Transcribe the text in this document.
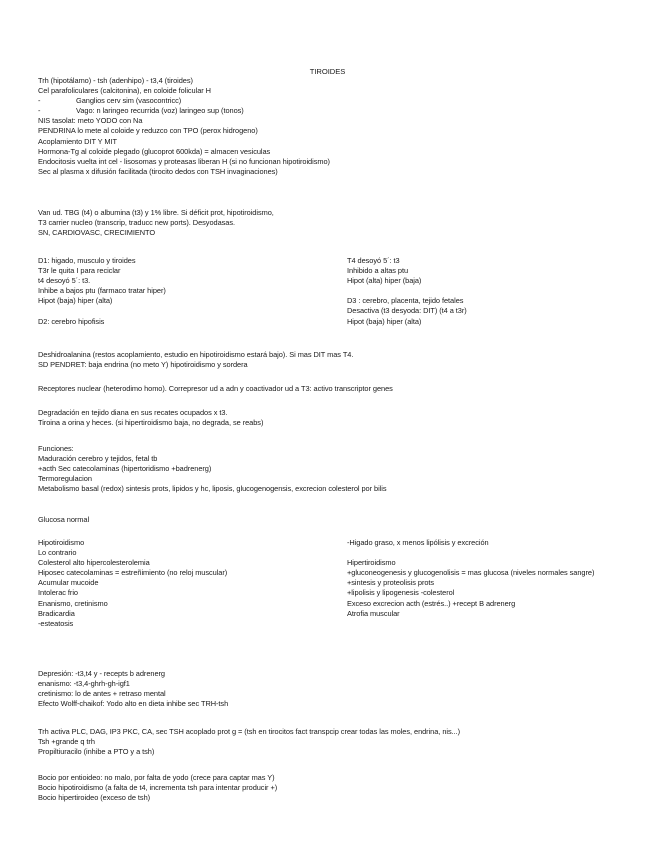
TIROIDES
Trh (hipotálamo) - tsh (adenhipo) - t3,4 (tiroides)
Cel parafoliculares (calcitonina), en coloide folicular H
-	Ganglios cerv sim (vasocontricc)
-	Vago: n laringeo recurrida (voz) laringeo sup (tonos)
NIS tasolat: meto YODO con Na
PENDRINA lo mete al coloide y reduzco con TPO (perox hidrogeno)
Acoplamiento DIT Y MIT
Hormona-Tg al coloide plegado (glucoprot 600kda) = almacen vesiculas
Endocitosis vuelta int cel - lisosomas y proteasas liberan H (si no funcionan hipotiroidismo)
Sec al plasma x difusión facilitada (tirocito dedos con TSH invaginaciones)
Van ud. TBG (t4) o albumina (t3) y 1% libre. Si déficit prot, hipotiroidismo,
T3 carrier nucleo (transcrip, traducc new ports). Desyodasas.
SN, CARDIOVASC, CRECIMIENTO
D1: higado, musculo y tiroides
T3r le quita I para reciclar
t4 desoyó 5´: t3.
Inhibe a bajos ptu (farmaco tratar hiper)
Hipot (baja) hiper (alta)
D2: cerebro hipofisis
T4 desoyó 5´: t3
Inhibido a altas ptu
Hipot (alta) hiper (baja)
D3 : cerebro, placenta, tejido fetales
Desactiva (t3 desyoda: DIT) (t4 a t3r)
Hipot (baja) hiper (alta)
Deshidroalanina (restos acoplamiento, estudio en hipotiroidismo estará bajo). Si mas DIT mas T4.
SD PENDRET: baja endrina (no meto Y) hipotiroidismo y sordera
Receptores nuclear (heterodimo homo). Correpresor ud a adn y coactivador ud a T3: activo transcriptor genes
Degradación en tejido diana en sus recates ocupados x t3.
Tiroina a orina y heces. (si hipertiroidismo baja, no degrada, se reabs)
Funciones:
Maduración cerebro y tejidos, fetal tb
+acth Sec catecolaminas (hipertoridismo +badrenerg)
Termoregulacion
Metabolismo basal (redox) sintesis prots, lipidos y hc, liposis, glucogenogensis, excrecion colesterol por bilis
Glucosa normal
Hipotiroidismo
Lo contrario
Colesterol alto hipercolesterolemia
Hiposec catecolaminas = estreñimiento (no reloj muscular)
Acumular mucoide
Intolerac frio
Enanismo, cretinismo
Bradicardia
-esteatosis
-Higado graso, x menos lipólisis y excreción
Hipertiroidismo
+gluconeogenesis y glucogenolisis = mas glucosa (niveles normales sangre)
+sintesis y proteolisis prots
+lipolisis y lipogenesis -colesterol
Exceso excrecion acth (estrés..) +recept B adrenerg
Atrofia muscular
Depresión: -t3,t4 y - recepts b adrenerg
enanismo: -t3,4-ghrh-gh-igf1
cretinismo: lo de antes + retraso mental
Efecto Wolff-chaikof: Yodo alto en dieta inhibe sec TRH-tsh
Trh activa PLC, DAG, IP3 PKC, CA, sec TSH acoplado prot g = (tsh en tirocitos fact transpcip crear todas las moles, endrina, nis...)
Tsh +grande q trh
Propiltiuracilo (inhibe a PTO y a tsh)
Bocio por entioideo: no malo, por falta de yodo (crece para captar mas Y)
Bocio hipotiroidismo (a falta de t4, incrementa tsh para intentar producir +)
Bocio hipertiroideo (exceso de tsh)
